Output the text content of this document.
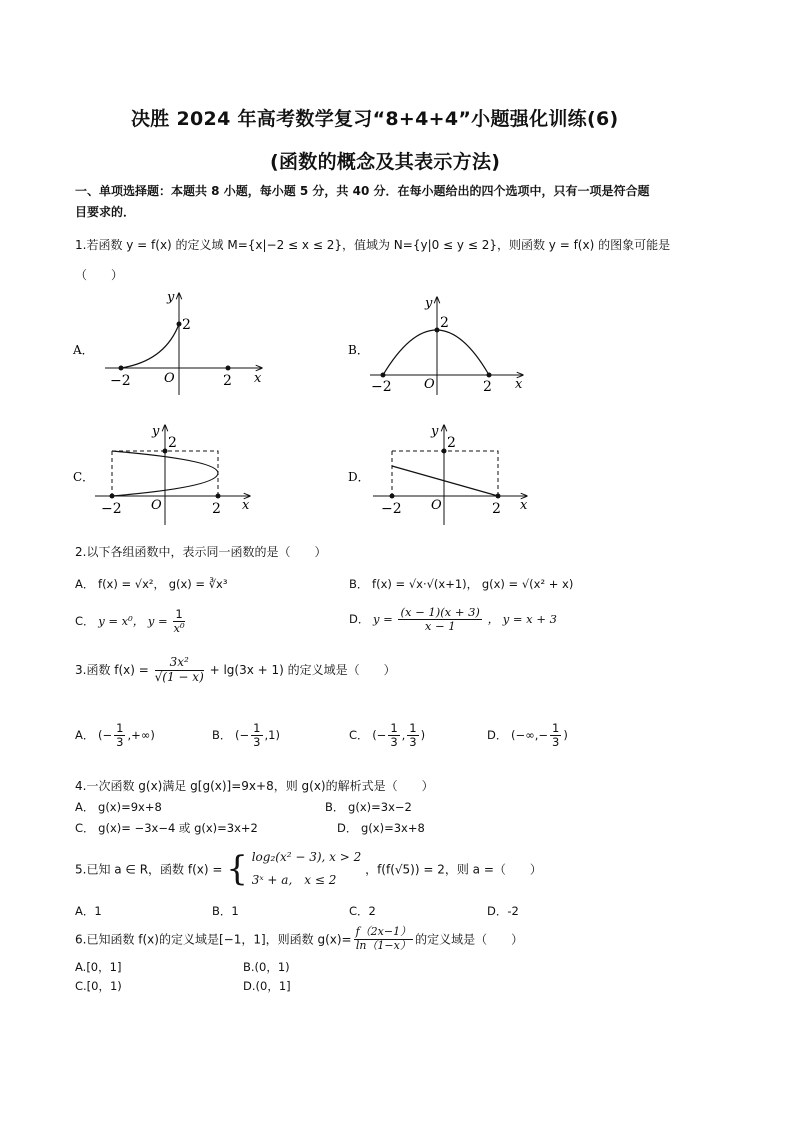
决胜 2024 年高考数学复习“8+4+4”小题强化训练(6)
(函数的概念及其表示方法)
一、单项选择题：本题共 8 小题，每小题 5 分，共 40 分．在每小题给出的四个选项中，只有一项是符合题
目要求的．
1.若函数 y = f(x) 的定义域 M={x|−2 ≤ x ≤ 2}，值域为 N={y|0 ≤ y ≤ 2}，则函数 y = f(x) 的图象可能是
（　　）
A．
y
x
O
2
−2	2
B．
y
x
O
2
−2	2
C．
y
x
O
2
−2	2
D．
y
x
O
2
−2	2
2.以下各组函数中，表示同一函数的是（　　）
A． f(x) = √x²， g(x) = ∛x³	B． f(x) = √x·√(x+1)， g(x) = √(x² + x)
C． y = x⁰， $y = \frac{1}{\text{x⁰}}$	D． $y = \frac{(x - 1)(x + 3)}{x - 1}$ ， y = x + 3
3.函数 $f(x) = \frac{\text{3x²}}{√(1 - x)} + \lg(3x + 1)$ 的定义域是（　　）
A． (− $\frac{1}{3}$ ,+∞)	B． (− $\frac{1}{3} ,1$)	C． (− $\frac{1}{3}$ , $\frac{1}{3}$ )	D． (−∞,− $\frac{1}{3}$ )
4.一次函数 g(x)满足 g[g(x)]=9x+8，则 g(x)的解析式是（　　）
A． g(x)=9x+8	B． g(x)=3x−2
C． g(x)= −3x−4 或 g(x)=3x+2	D． g(x)=3x+8
5.已知 a ∈ R，函数 f(x) = { log₂(x² − 3), x > 2
3ˣ + a,　x ≤ 2
，f(f(√5)) = 2，则 a =（　　）
A．1	B．1	C．2	D．-2
6.已知函数 f(x)的定义域是[−1，1]，则函数 $g(x)= \frac{f(2x-1)}{\ln(1-x)}$ 的定义域是（　　）
A.[0，1]	B.(0，1)
C.[0，1)	D.(0，1]
